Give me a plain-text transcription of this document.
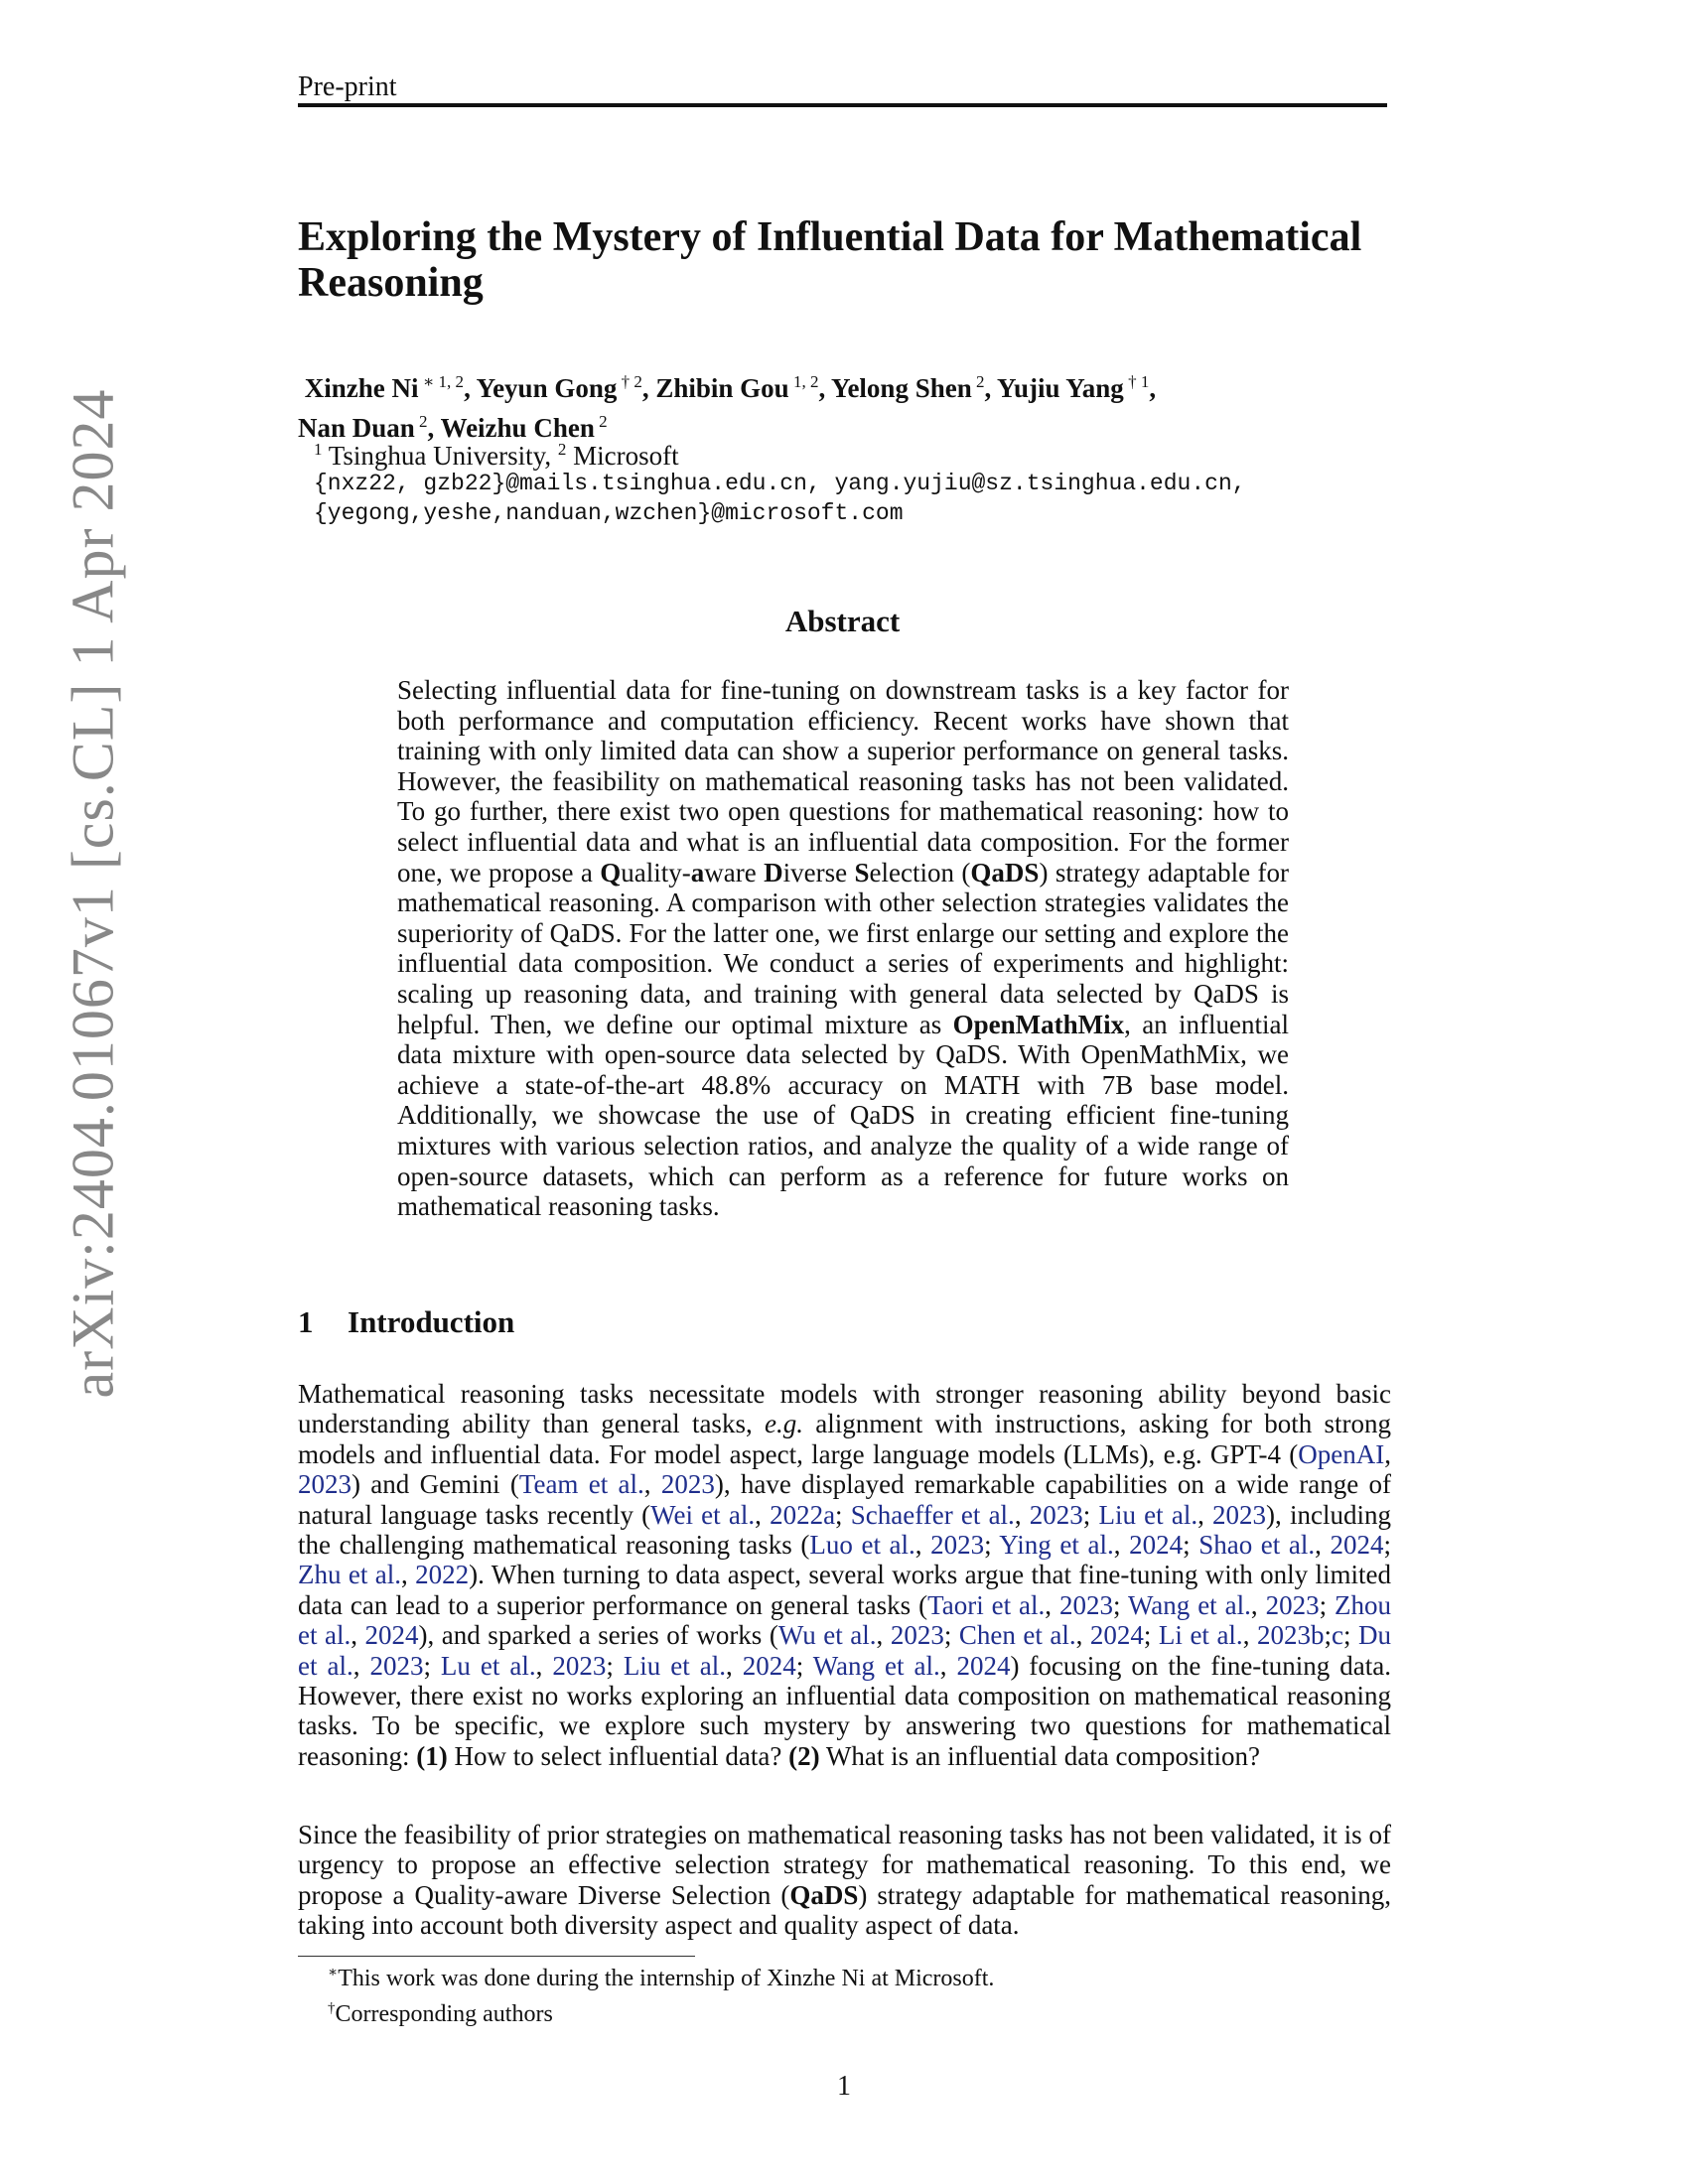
Pre-print
arXiv:2404.01067v1 [cs.CL] 1 Apr 2024
Exploring the Mystery of Influential Data for Mathematical Reasoning
Xinzhe Ni $^{∗ 1, 2}$, Yeyun Gong $^{\dagger 2}$, Zhibin Gou $^{1, 2}$, Yelong Shen $^2$, Yujiu Yang $^{\dagger 1}$,
Nan Duan $^2$, Weizhu Chen $^2$
$^1$ Tsinghua University, $^2$ Microsoft
{nxz22, gzb22}@mails.tsinghua.edu.cn, yang.yujiu@sz.tsinghua.edu.cn,
{yegong,yeshe,nanduan,wzchen}@microsoft.com
Abstract
Selecting influential data for fine-tuning on downstream tasks is a key factor for both performance and computation efficiency. Recent works have shown that training with only limited data can show a superior performance on general tasks. However, the feasibility on mathematical reasoning tasks has not been validated. To go further, there exist two open questions for mathematical reasoning: how to select influential data and what is an influential data composition. For the former one, we propose a Quality-aware Diverse Selection (QaDS) strategy adaptable for mathematical reasoning. A comparison with other selection strategies validates the superiority of QaDS. For the latter one, we first enlarge our setting and explore the influential data composition. We conduct a series of experiments and highlight: scaling up reasoning data, and training with general data selected by QaDS is helpful. Then, we define our optimal mixture as OpenMathMix, an influential data mixture with open-source data selected by QaDS. With OpenMathMix, we achieve a state-of-the-art 48.8% accuracy on MATH with 7B base model. Additionally, we showcase the use of QaDS in creating efficient fine-tuning mixtures with various selection ratios, and analyze the quality of a wide range of open-source datasets, which can perform as a reference for future works on mathematical reasoning tasks.
1 Introduction
Mathematical reasoning tasks necessitate models with stronger reasoning ability beyond basic understanding ability than general tasks, e.g. alignment with instructions, asking for both strong models and influential data. For model aspect, large language models (LLMs), e.g. GPT-4 (OpenAI, 2023) and Gemini (Team et al., 2023), have displayed remarkable capabilities on a wide range of natural language tasks recently (Wei et al., 2022a; Schaeffer et al., 2023; Liu et al., 2023), including the challenging mathematical reasoning tasks (Luo et al., 2023; Ying et al., 2024; Shao et al., 2024; Zhu et al., 2022). When turning to data aspect, several works argue that fine-tuning with only limited data can lead to a superior performance on general tasks (Taori et al., 2023; Wang et al., 2023; Zhou et al., 2024), and sparked a series of works (Wu et al., 2023; Chen et al., 2024; Li et al., 2023b;c; Du et al., 2023; Lu et al., 2023; Liu et al., 2024; Wang et al., 2024) focusing on the fine-tuning data. However, there exist no works exploring an influential data composition on mathematical reasoning tasks. To be specific, we explore such mystery by answering two questions for mathematical reasoning: (1) How to select influential data? (2) What is an influential data composition?
Since the feasibility of prior strategies on mathematical reasoning tasks has not been validated, it is of urgency to propose an effective selection strategy for mathematical reasoning. To this end, we propose a Quality-aware Diverse Selection (QaDS) strategy adaptable for mathematical reasoning, taking into account both diversity aspect and quality aspect of data.
∗This work was done during the internship of Xinzhe Ni at Microsoft.
†Corresponding authors
1
